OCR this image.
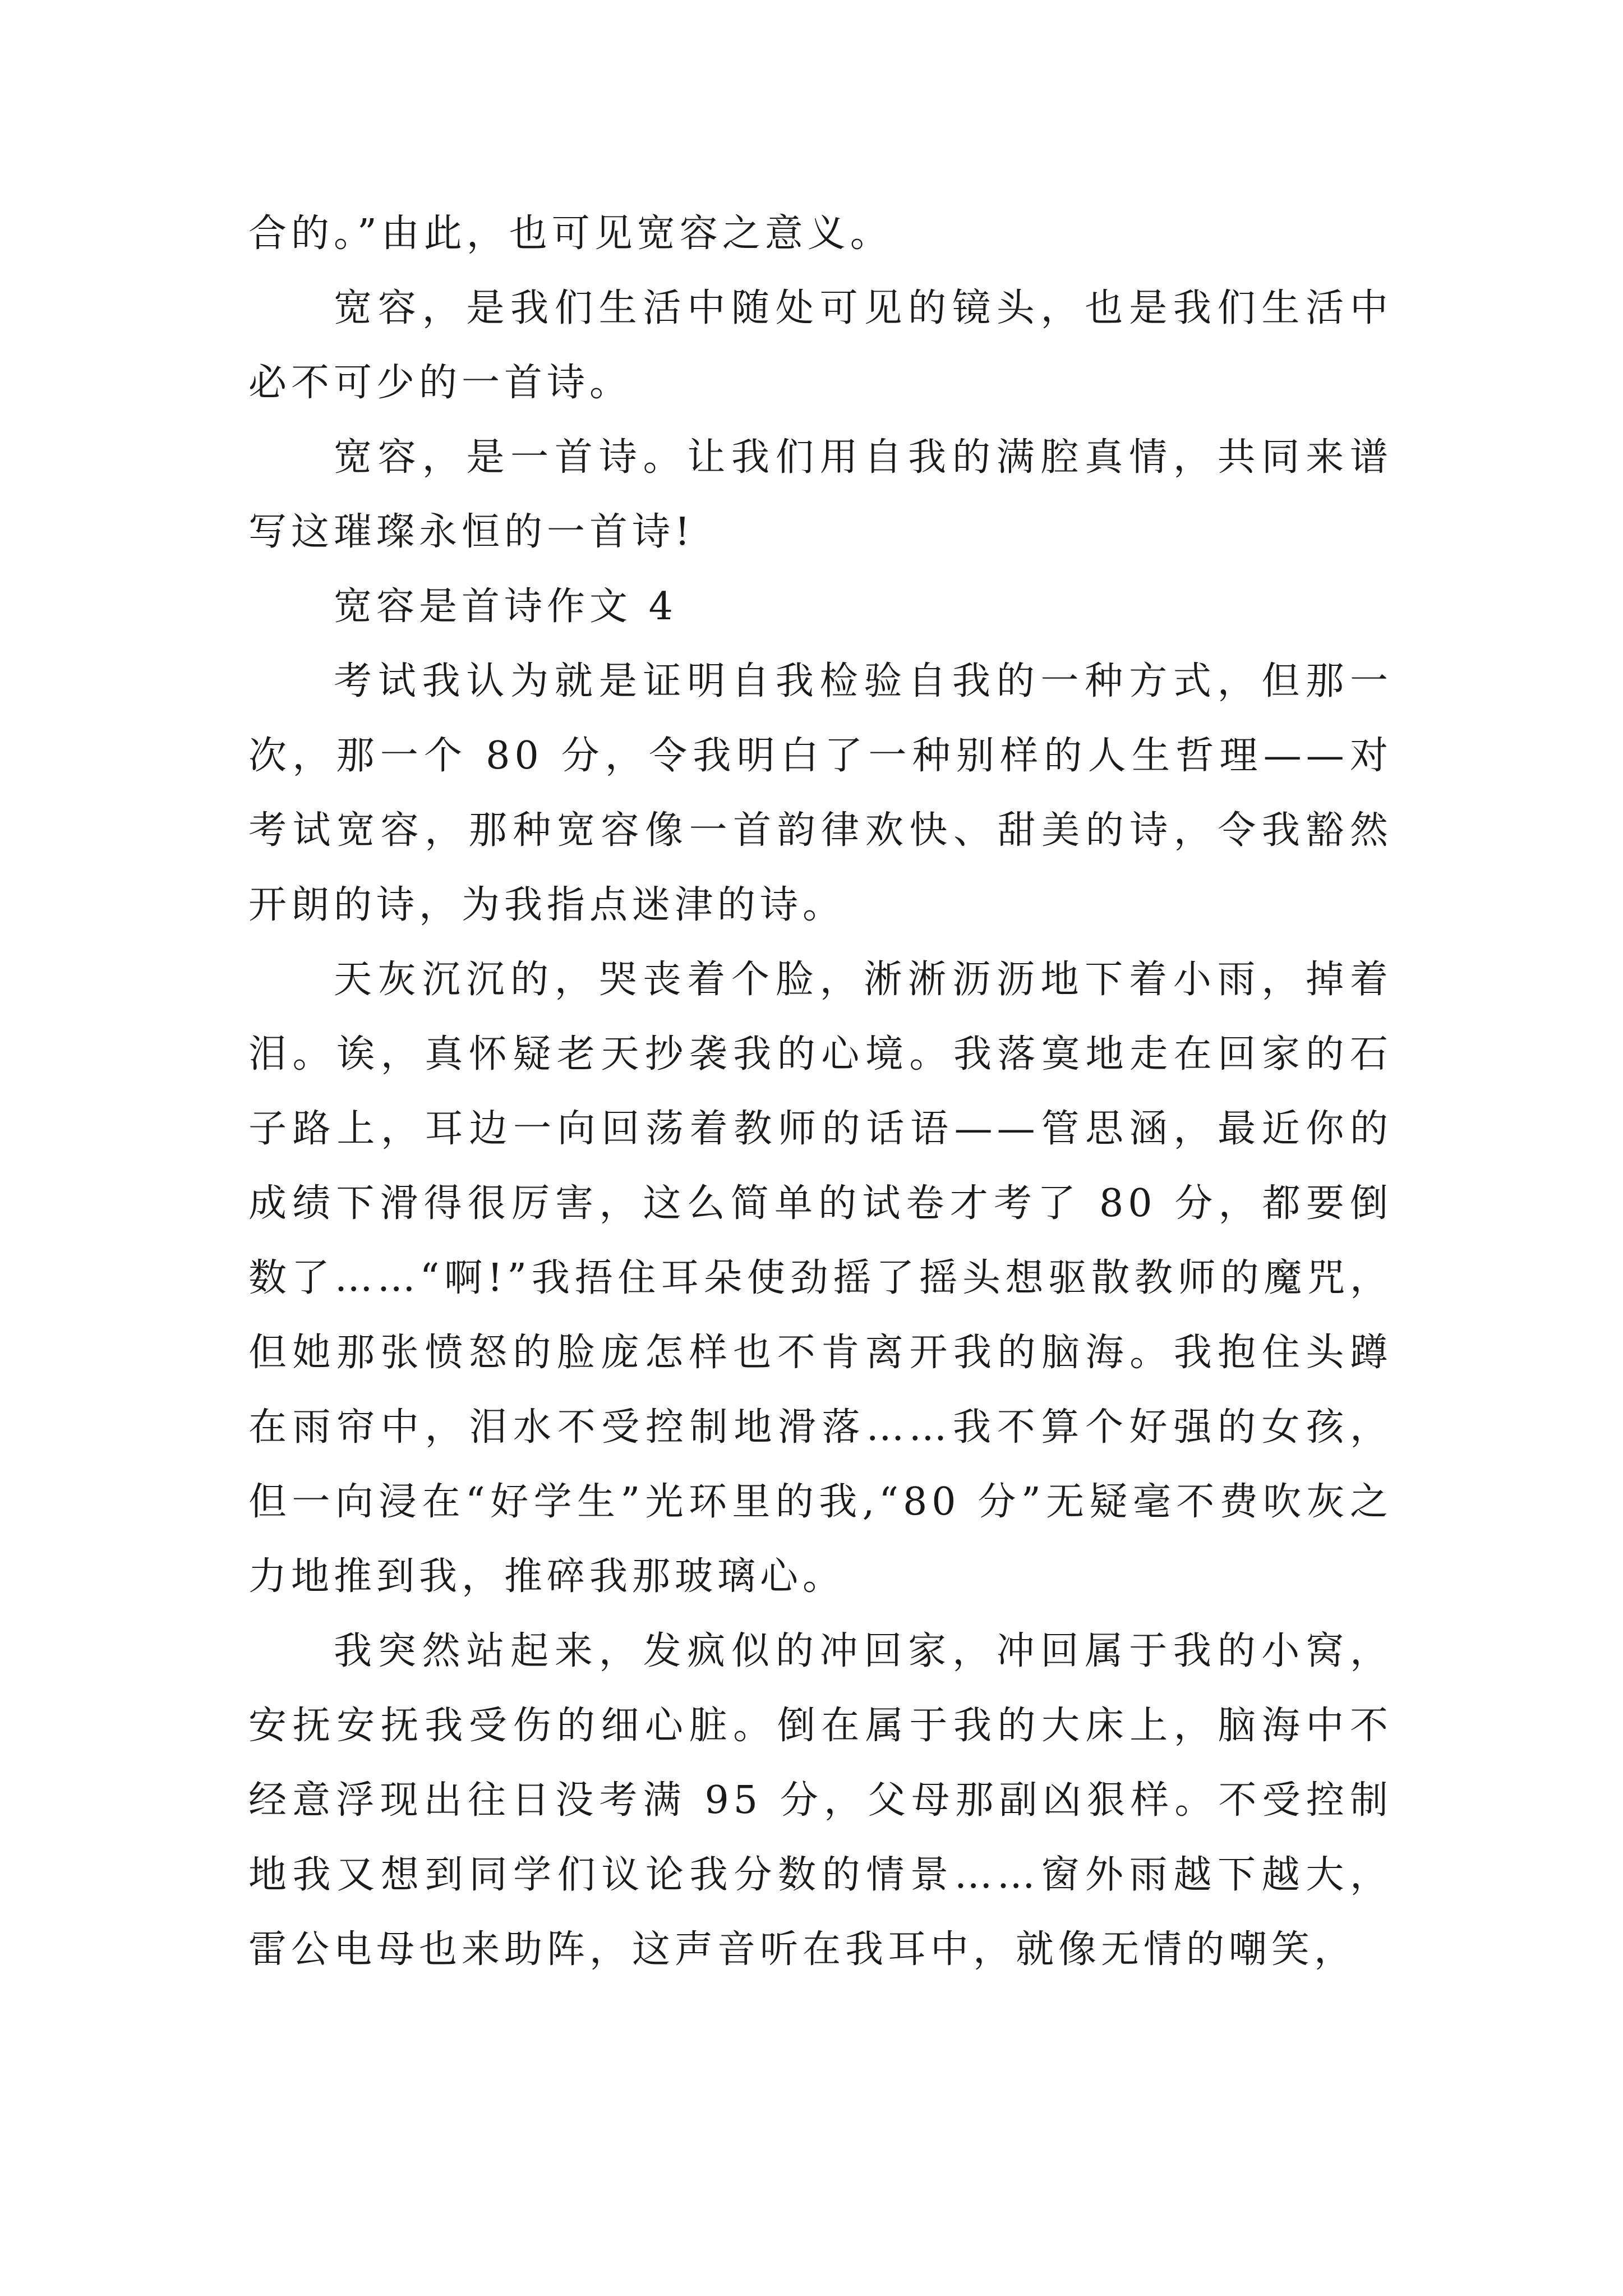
合的。”由此，也可见宽容之意义。

宽容，是我们生活中随处可见的镜头，也是我们生活中必不可少的一首诗。

宽容，是一首诗。让我们用自我的满腔真情，共同来谱写这璀璨永恒的一首诗!

宽容是首诗作文 4

考试我认为就是证明自我检验自我的一种方式，但那一次，那一个 80 分，令我明白了一种别样的人生哲理——对考试宽容，那种宽容像一首韵律欢快、甜美的诗，令我豁然开朗的诗，为我指点迷津的诗。

天灰沉沉的，哭丧着个脸，淅淅沥沥地下着小雨，掉着泪。诶，真怀疑老天抄袭我的心境。我落寞地走在回家的石子路上，耳边一向回荡着教师的话语——管思涵，最近你的成绩下滑得很厉害，这么简单的试卷才考了 80 分，都要倒数了……“啊!”我捂住耳朵使劲摇了摇头想驱散教师的魔咒，但她那张愤怒的脸庞怎样也不肯离开我的脑海。我抱住头蹲在雨帘中，泪水不受控制地滑落……我不算个好强的女孩，但一向浸在“好学生”光环里的我,“80 分”无疑毫不费吹灰之力地推到我，推碎我那玻璃心。

我突然站起来，发疯似的冲回家，冲回属于我的小窝，安抚安抚我受伤的细心脏。倒在属于我的大床上，脑海中不经意浮现出往日没考满 95 分，父母那副凶狠样。不受控制地我又想到同学们议论我分数的情景……窗外雨越下越大，雷公电母也来助阵，这声音听在我耳中，就像无情的嘲笑，
